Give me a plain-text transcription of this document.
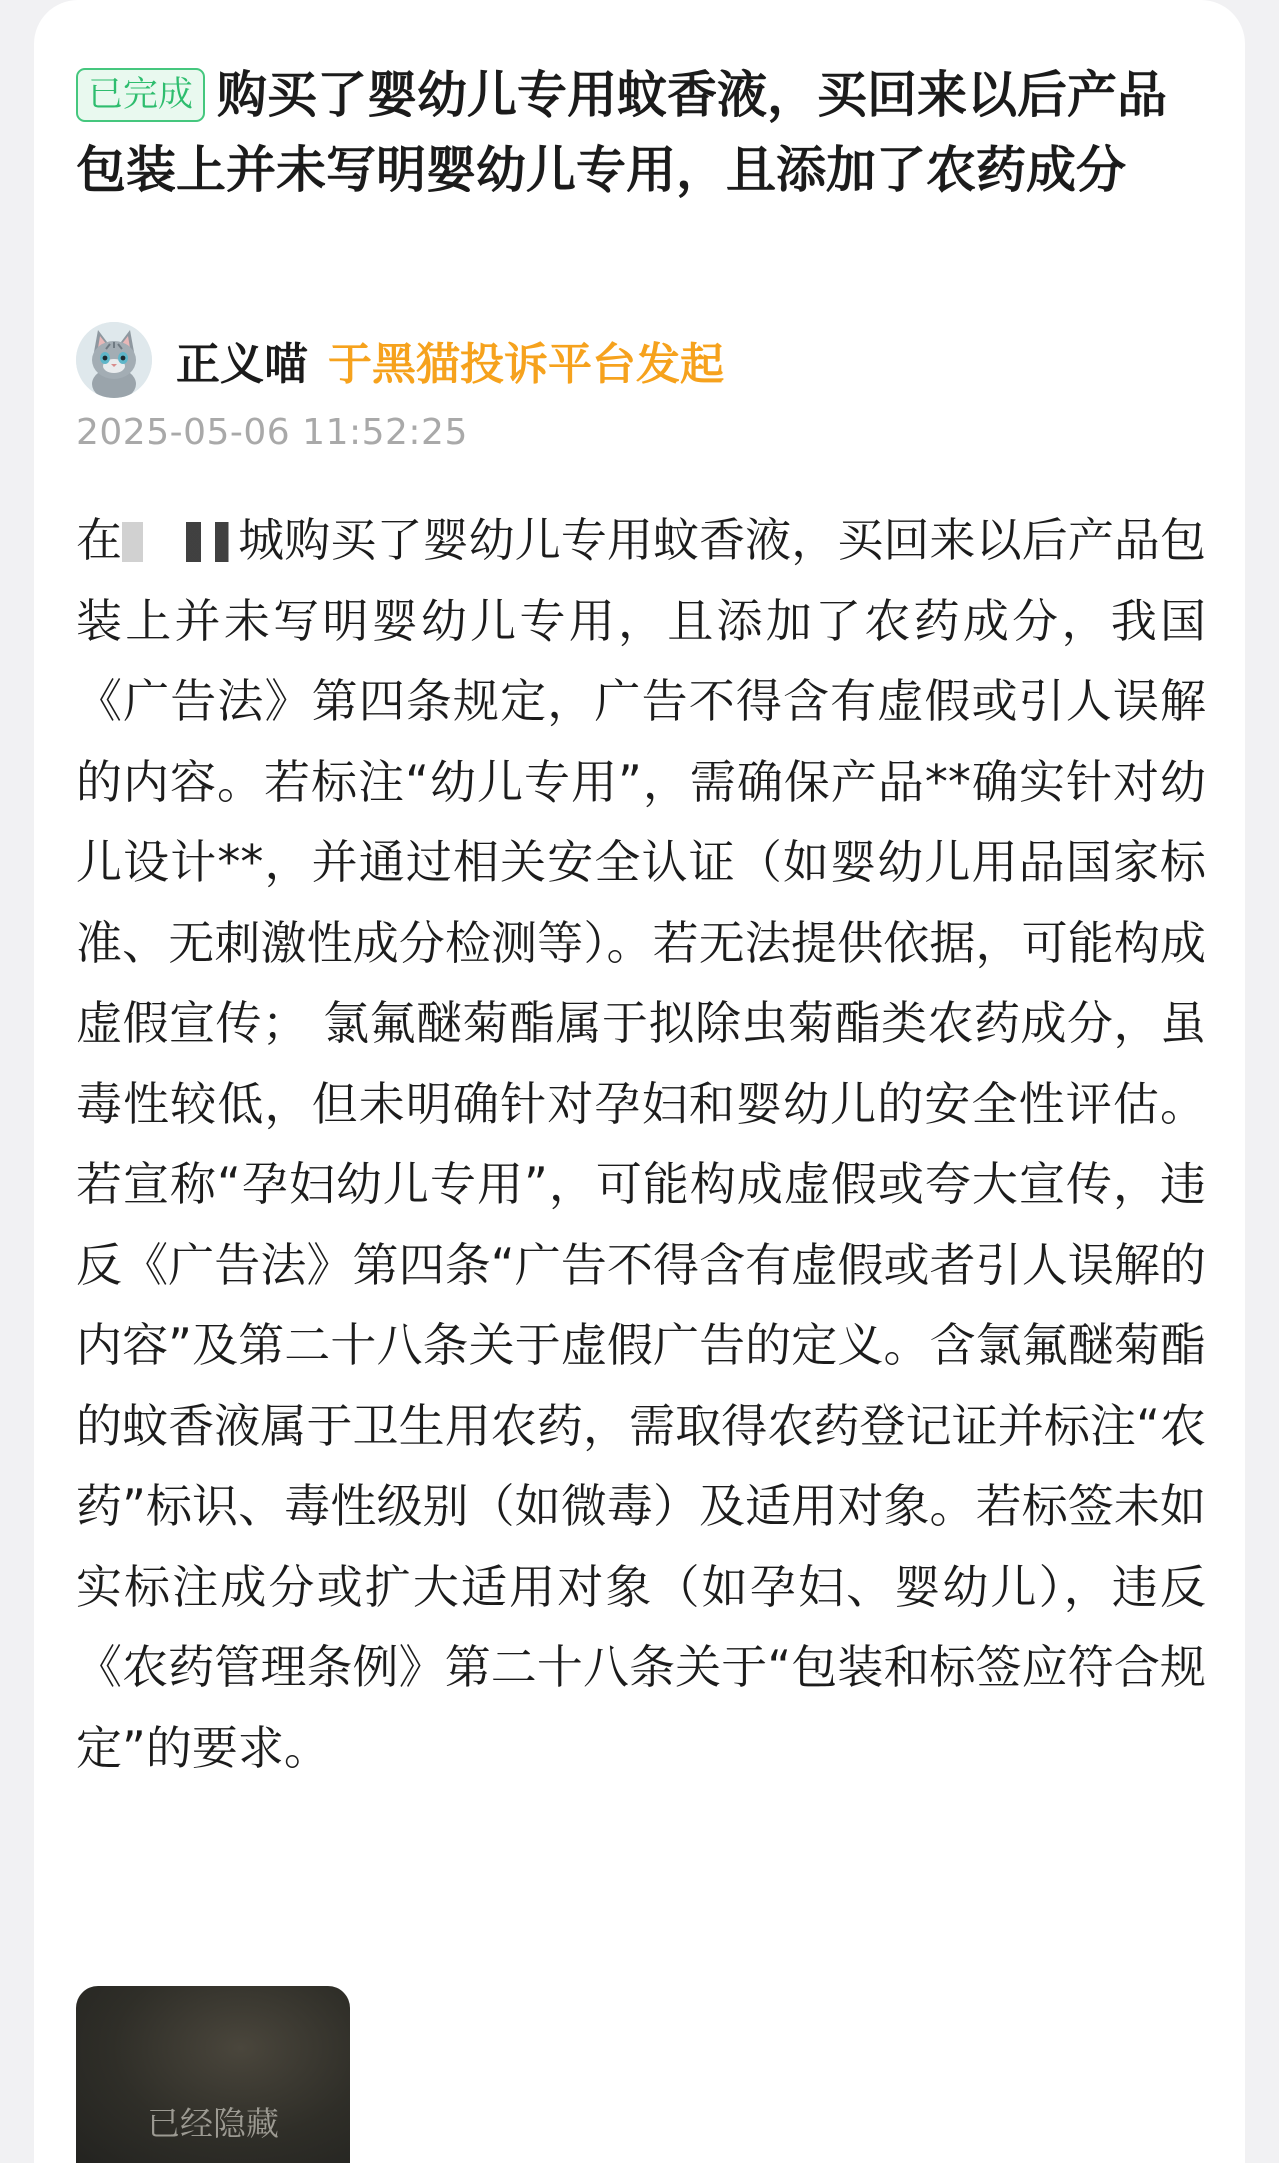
已完成 购买了婴幼儿专用蚊香液，买回来以后产品包装上并未写明婴幼儿专用，且添加了农药成分
正义喵 于黑猫投诉平台发起
2025-05-06 11:52:25
在	城购买了婴幼儿专用蚊香液，买回来以后产品包装上并未写明婴幼儿专用，且添加了农药成分，我国《广告法》第四条规定，广告不得含有虚假或引人误解的内容。若标注“幼儿专用”，需确保产品**确实针对幼儿设计**，并通过相关安全认证（如婴幼儿用品国家标准、无刺激性成分检测等）。若无法提供依据，可能构成虚假宣传； 氯氟醚菊酯属于拟除虫菊酯类农药成分，虽毒性较低，但未明确针对孕妇和婴幼儿的安全性评估。若宣称“孕妇幼儿专用”，可能构成虚假或夸大宣传，违反《广告法》第四条“广告不得含有虚假或者引人误解的内容”及第二十八条关于虚假广告的定义。含氯氟醚菊酯的蚊香液属于卫生用农药，需取得农药登记证并标注“农药”标识、毒性级别（如微毒）及适用对象。若标签未如实标注成分或扩大适用对象（如孕妇、婴幼儿），违反《农药管理条例》第二十八条关于“包装和标签应符合规定”的要求。
已经隐藏
